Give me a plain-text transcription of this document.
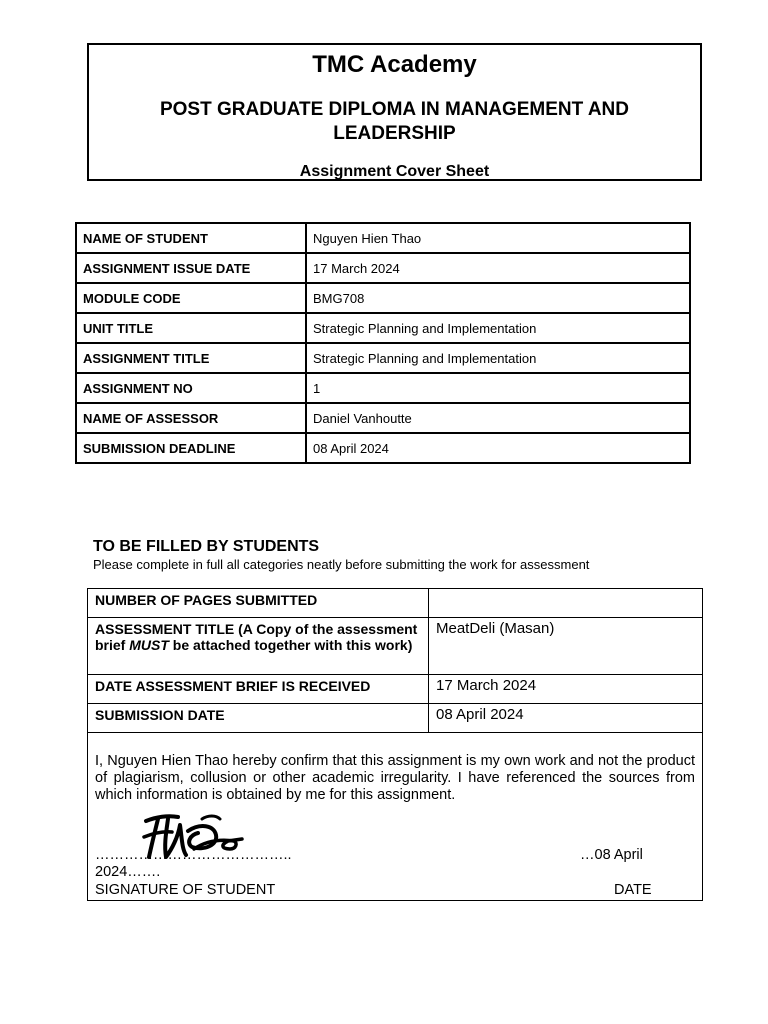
TMC Academy
POST GRADUATE DIPLOMA IN MANAGEMENT AND LEADERSHIP
Assignment Cover Sheet
NAME OF STUDENT	Nguyen Hien Thao
ASSIGNMENT ISSUE DATE	17 March 2024
MODULE CODE	BMG708
UNIT TITLE	Strategic Planning and Implementation
ASSIGNMENT TITLE	Strategic Planning and Implementation
ASSIGNMENT NO	1
NAME OF ASSESSOR	Daniel Vanhoutte
SUBMISSION DEADLINE	08 April 2024
TO BE FILLED BY STUDENTS
Please complete in full all categories neatly before submitting the work for assessment
NUMBER OF PAGES SUBMITTED	
ASSESSMENT TITLE (A Copy of the assessment brief MUST be attached together with this work)	MeatDeli (Masan)
DATE ASSESSMENT BRIEF IS RECEIVED	17 March 2024
SUBMISSION DATE	08 April 2024
I, Nguyen Hien Thao hereby confirm that this assignment is my own work and not the product of plagiarism, collusion or other academic irregularity. I have referenced the sources from which information is obtained by me for this assignment.
…………………………………..	…08 April
2024…….
SIGNATURE OF STUDENT	DATE
